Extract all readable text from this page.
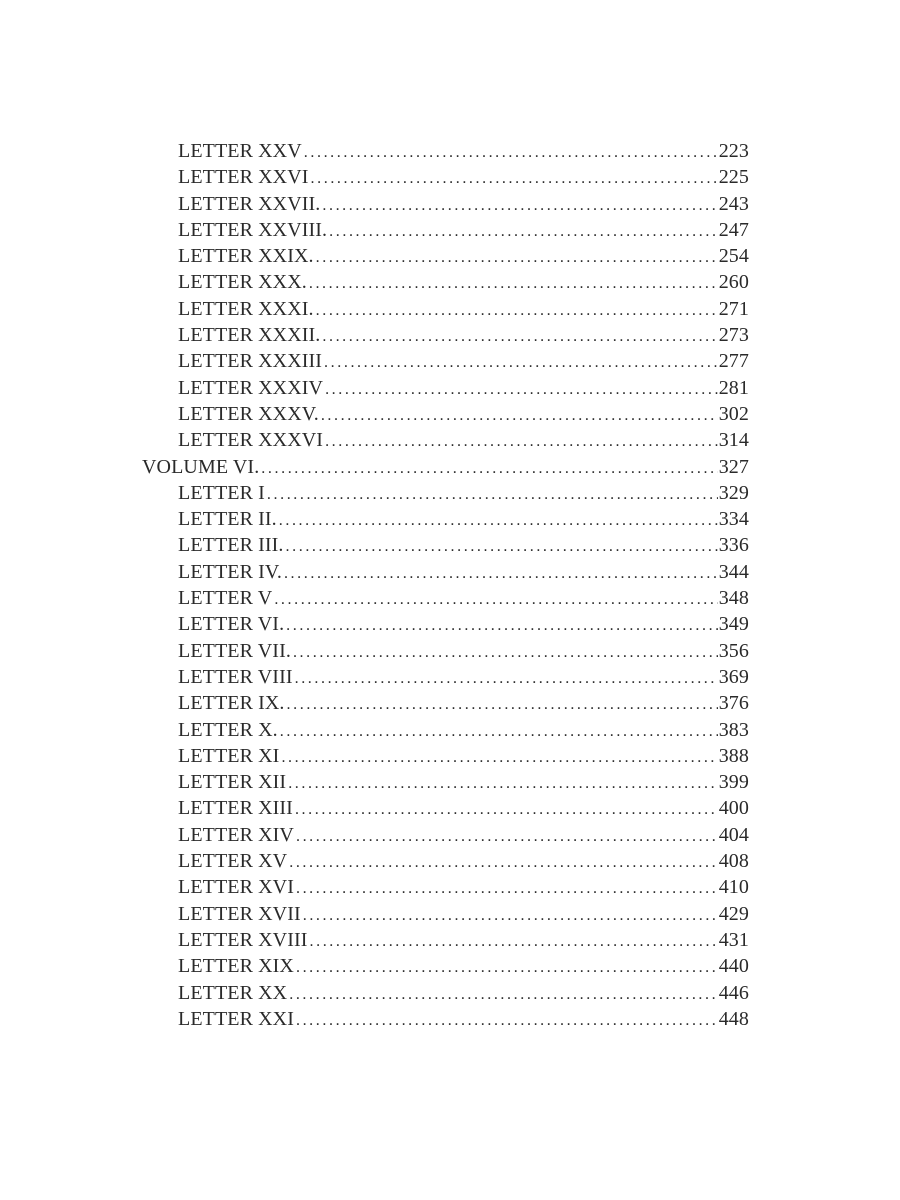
LETTER XXV .....	223
LETTER XXVI .....	225
LETTER XXVII. .....	243
LETTER XXVIII. .....	247
LETTER XXIX. .....	254
LETTER XXX. .....	260
LETTER XXXI. .....	271
LETTER XXXII. .....	273
LETTER XXXIII .....	277
LETTER XXXIV .....	281
LETTER XXXV. .....	302
LETTER XXXVI .....	314
VOLUME VI. .....	327
LETTER I .....	329
LETTER II. .....	334
LETTER III. .....	336
LETTER IV. .....	344
LETTER V .....	348
LETTER VI. .....	349
LETTER VII. .....	356
LETTER VIII .....	369
LETTER IX. .....	376
LETTER X. .....	383
LETTER XI .....	388
LETTER XII .....	399
LETTER XIII .....	400
LETTER XIV .....	404
LETTER XV .....	408
LETTER XVI .....	410
LETTER XVII .....	429
LETTER XVIII .....	431
LETTER XIX .....	440
LETTER XX .....	446
LETTER XXI .....	448
